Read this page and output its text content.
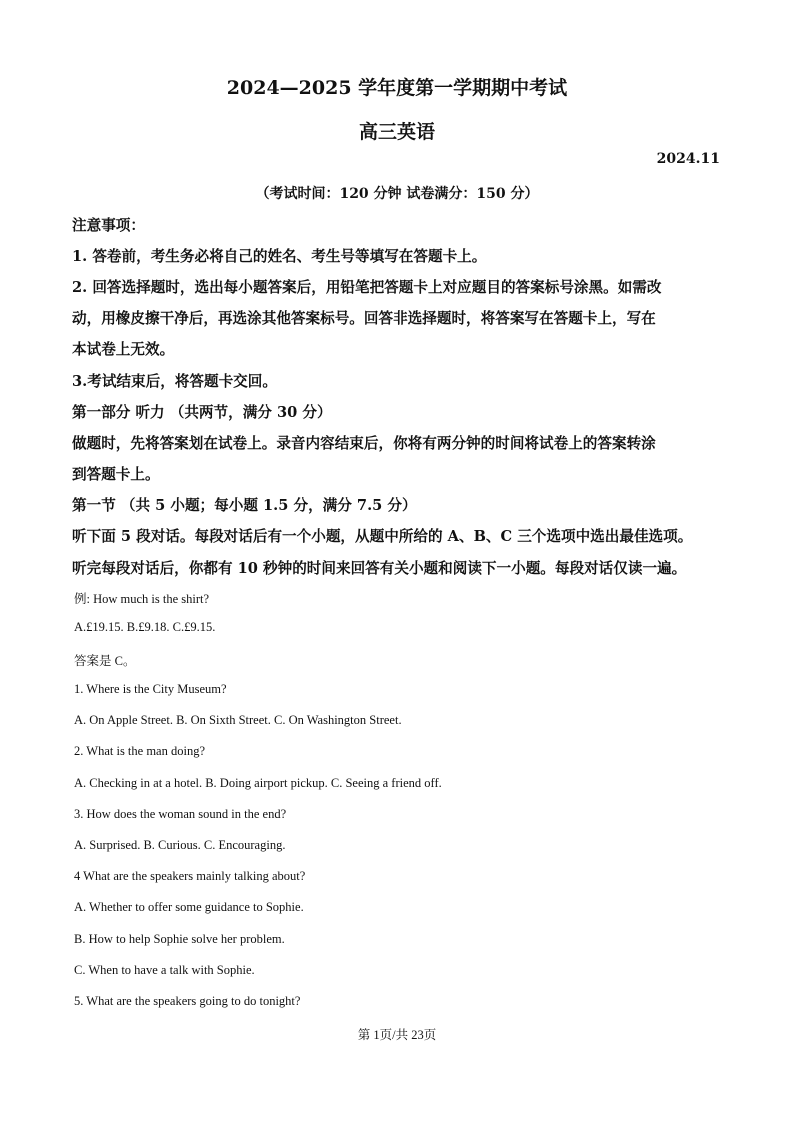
2024—2025 学年度第一学期期中考试
高三英语
2024.11
（考试时间：120 分钟 试卷满分：150 分）
注意事项：
1. 答卷前，考生务必将自己的姓名、考生号等填写在答题卡上。
2. 回答选择题时，选出每小题答案后，用铅笔把答题卡上对应题目的答案标号涂黑。如需改
动，用橡皮擦干净后，再选涂其他答案标号。回答非选择题时，将答案写在答题卡上，写在
本试卷上无效。
3.考试结束后，将答题卡交回。
第一部分 听力 （共两节，满分 30 分）
做题时，先将答案划在试卷上。录音内容结束后，你将有两分钟的时间将试卷上的答案转涂
到答题卡上。
第一节 （共 5 小题；每小题 1.5 分，满分 7.5 分）
听下面 5 段对话。每段对话后有一个小题，从题中所给的 A、B、C 三个选项中选出最佳选项。
听完每段对话后，你都有 10 秒钟的时间来回答有关小题和阅读下一小题。每段对话仅读一遍。
例: How much is the shirt?
A.£19.15. B.£9.18. C.£9.15.
答案是 C。
1. Where is the City Museum?
A. On Apple Street. B. On Sixth Street. C. On Washington Street.
2. What is the man doing?
A. Checking in at a hotel. B. Doing airport pickup. C. Seeing a friend off.
3. How does the woman sound in the end?
A. Surprised. B. Curious. C. Encouraging.
4 What are the speakers mainly talking about?
A. Whether to offer some guidance to Sophie.
B. How to help Sophie solve her problem.
C. When to have a talk with Sophie.
5. What are the speakers going to do tonight?
第 1页/共 23页
